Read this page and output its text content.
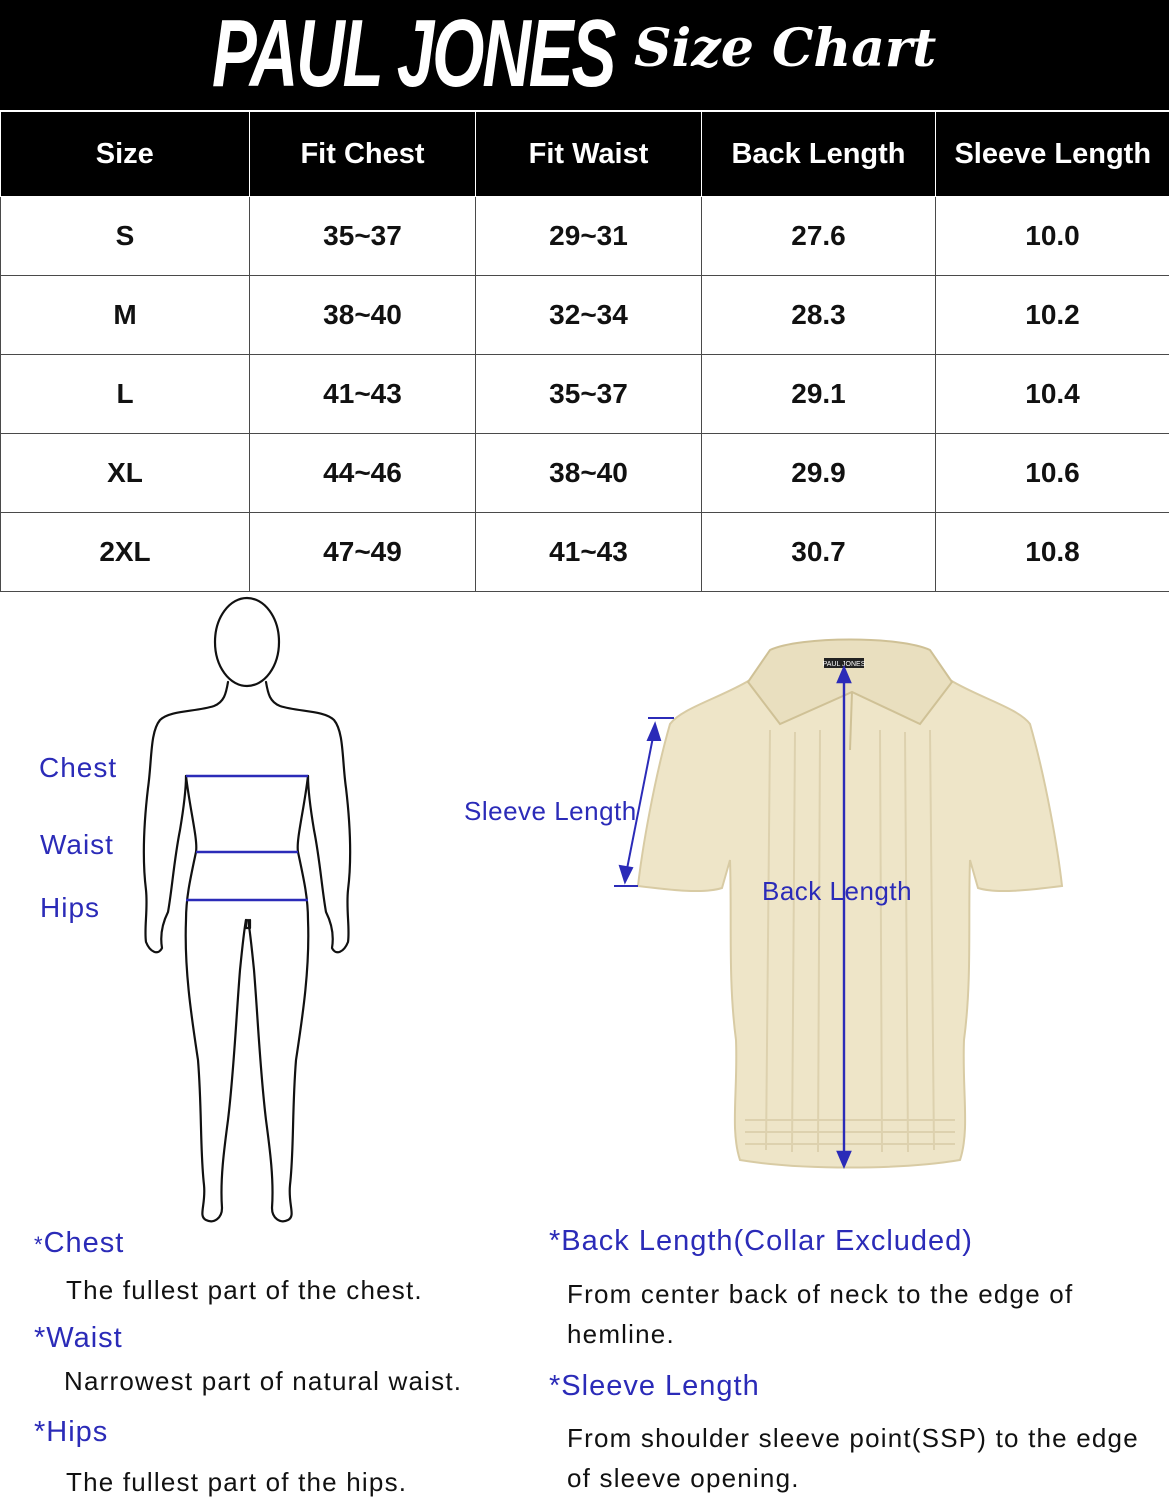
PAUL JONES Size Chart
Size	Fit Chest	Fit Waist	Back Length	Sleeve Length
S	35~37	29~31	27.6	10.0
M	38~40	32~34	28.3	10.2
L	41~43	35~37	29.1	10.4
XL	44~46	38~40	29.9	10.6
2XL	47~49	41~43	30.7	10.8
Chest
Waist
Hips
PAUL JONES
Sleeve Length
Back Length
*Chest
The fullest part of the chest.
*Waist
Narrowest part of natural waist.
*Hips
The fullest part of the hips.
*Back Length(Collar Excluded)
From center back of neck to the edge of hemline.
*Sleeve Length
From shoulder sleeve point(SSP) to the edge of sleeve opening.
